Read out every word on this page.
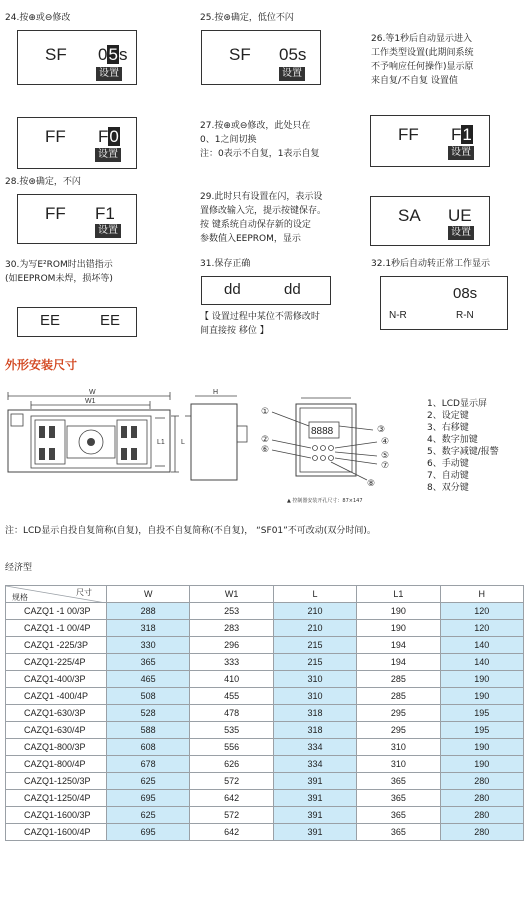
24.按⊕或⊖修改
SF 05s
设置
25.按⊛确定，低位不闪
SF 05s
设置
26.等1秒后自动显示进入
工作类型设置(此期间系统
不予响应任何操作)显示原
来自复/不自复 设置值
FF F0
设置
27.按⊕或⊖修改，此处只在
0、1之间切换
注：0表示不自复，1表示自复
FF F1
设置
28.按⊛确定，不闪
FF F1
设置
29.此时只有设置在闪，表示设
置修改输入完，提示按键保存。
按 键系统自动保存新的设定
参数值入EEPROM，显示
SA UE
设置
30.为写E²ROM时出错指示
(如EEPROM未焊，损坏等)
EE	EE
31.保存正确
dd	dd
【 设置过程中某位不需修改时
间直接按 移位 】
32.1秒后自动转正常工作显示
08s
N-R	R-N
外形安装尺寸
W
W1
L
L1
H
8888
①
②
③
④
⑤
⑥
⑦
⑧
▲ 控制器安装开孔尺寸：87×147
1、LCD显示屏
2、设定键
3、右移键
4、数字加键
5、数字减键/报警
6、手动键
7、自动键
8、双分键
注：LCD显示自投自复简称(自复)，自投不自复简称(不自复)， “SF01”不可改动(双分时间)。
经济型
规格
尺寸	W	W1	L	L1	H
CAZQ1 -1 00/3P	288	253	210	190	120
CAZQ1 -1 00/4P	318	283	210	190	120
CAZQ1 -225/3P	330	296	215	194	140
CAZQ1-225/4P	365	333	215	194	140
CAZQ1-400/3P	465	410	310	285	190
CAZQ1 -400/4P	508	455	310	285	190
CAZQ1-630/3P	528	478	318	295	195
CAZQ1-630/4P	588	535	318	295	195
CAZQ1-800/3P	608	556	334	310	190
CAZQ1-800/4P	678	626	334	310	190
CAZQ1-1250/3P	625	572	391	365	280
CAZQ1-1250/4P	695	642	391	365	280
CAZQ1-1600/3P	625	572	391	365	280
CAZQ1-1600/4P	695	642	391	365	280
